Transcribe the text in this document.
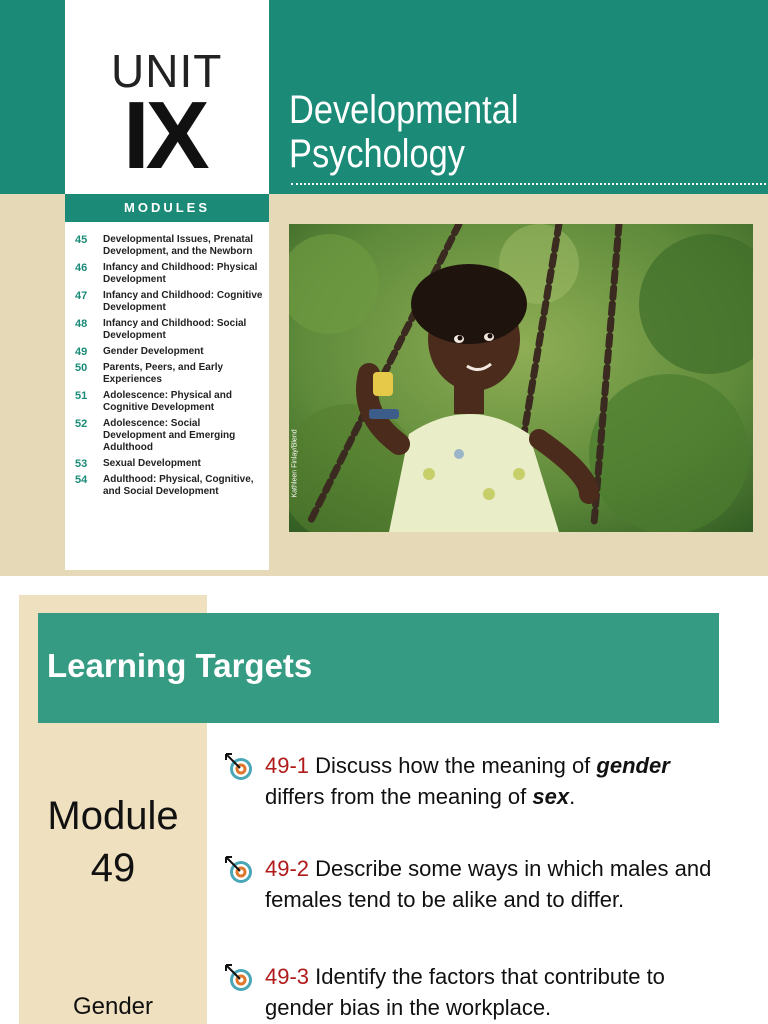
UNIT
IX Developmental
Psychology
MODULES
45	Developmental Issues, Prenatal Development, and the Newborn
46	Infancy and Childhood: Physical Development
47	Infancy and Childhood: Cognitive Development
48	Infancy and Childhood: Social Development
49	Gender Development
50	Parents, Peers, and Early Experiences
51	Adolescence: Physical and Cognitive Development
52	Adolescence: Social Development and Emerging Adulthood
53	Sexual Development
54	Adulthood: Physical, Cognitive, and Social Development	Kathleen Finlay/Blend
Learning Targets
Module
49
Gender
49-1 Discuss how the meaning of gender differs from the meaning of sex.
49-2 Describe some ways in which males and females tend to be alike and to differ.
49-3 Identify the factors that contribute to gender bias in the workplace.
